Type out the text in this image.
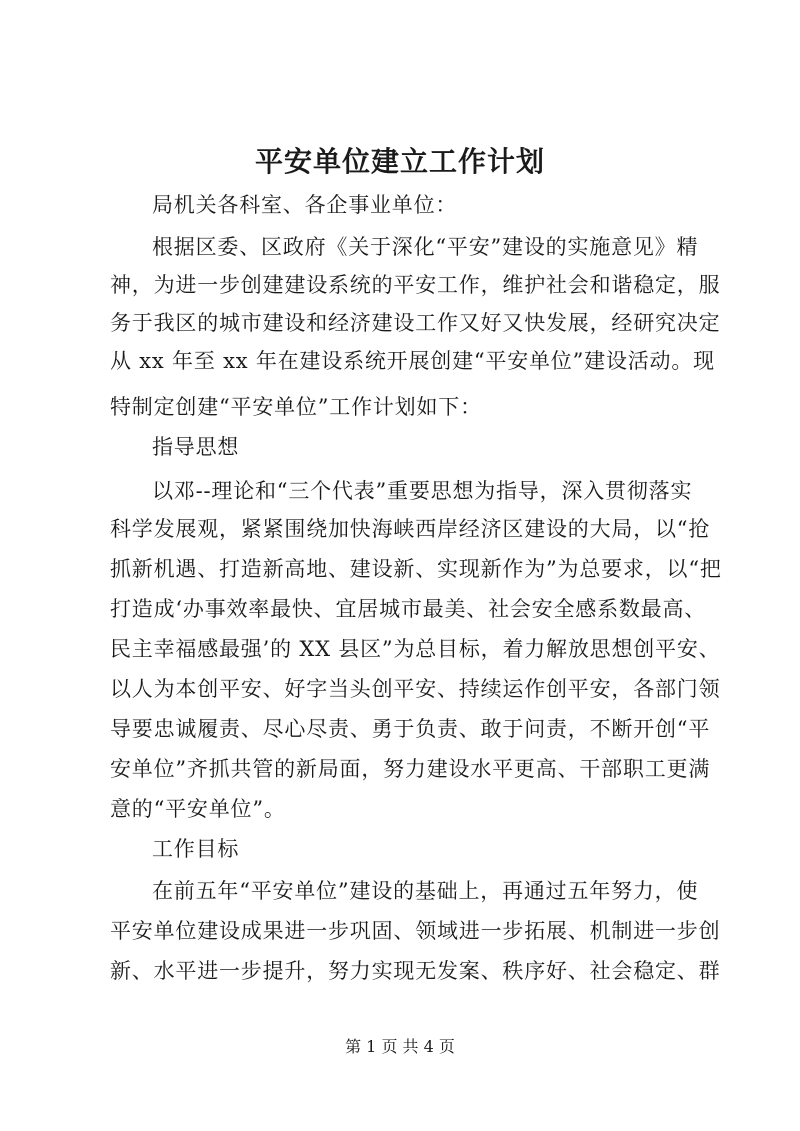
平安单位建立工作计划
局机关各科室、各企事业单位：
根据区委、区政府《关于深化“平安”建设的实施意见》精
神，为进一步创建建设系统的平安工作，维护社会和谐稳定，服
务于我区的城市建设和经济建设工作又好又快发展，经研究决定
从 xx 年至 xx 年在建设系统开展创建“平安单位”建设活动。现
特制定创建“平安单位”工作计划如下：
指导思想
以邓--理论和“三个代表”重要思想为指导，深入贯彻落实
科学发展观，紧紧围绕加快海峡西岸经济区建设的大局，以“抢
抓新机遇、打造新高地、建设新、实现新作为”为总要求，以“把
打造成‘办事效率最快、宜居城市最美、社会安全感系数最高、
民主幸福感最强’的 XX 县区”为总目标，着力解放思想创平安、
以人为本创平安、好字当头创平安、持续运作创平安，各部门领
导要忠诚履责、尽心尽责、勇于负责、敢于问责，不断开创“平
安单位”齐抓共管的新局面，努力建设水平更高、干部职工更满
意的“平安单位”。
工作目标
在前五年“平安单位”建设的基础上，再通过五年努力，使
平安单位建设成果进一步巩固、领域进一步拓展、机制进一步创
新、水平进一步提升，努力实现无发案、秩序好、社会稳定、群
第 1 页 共 4 页
